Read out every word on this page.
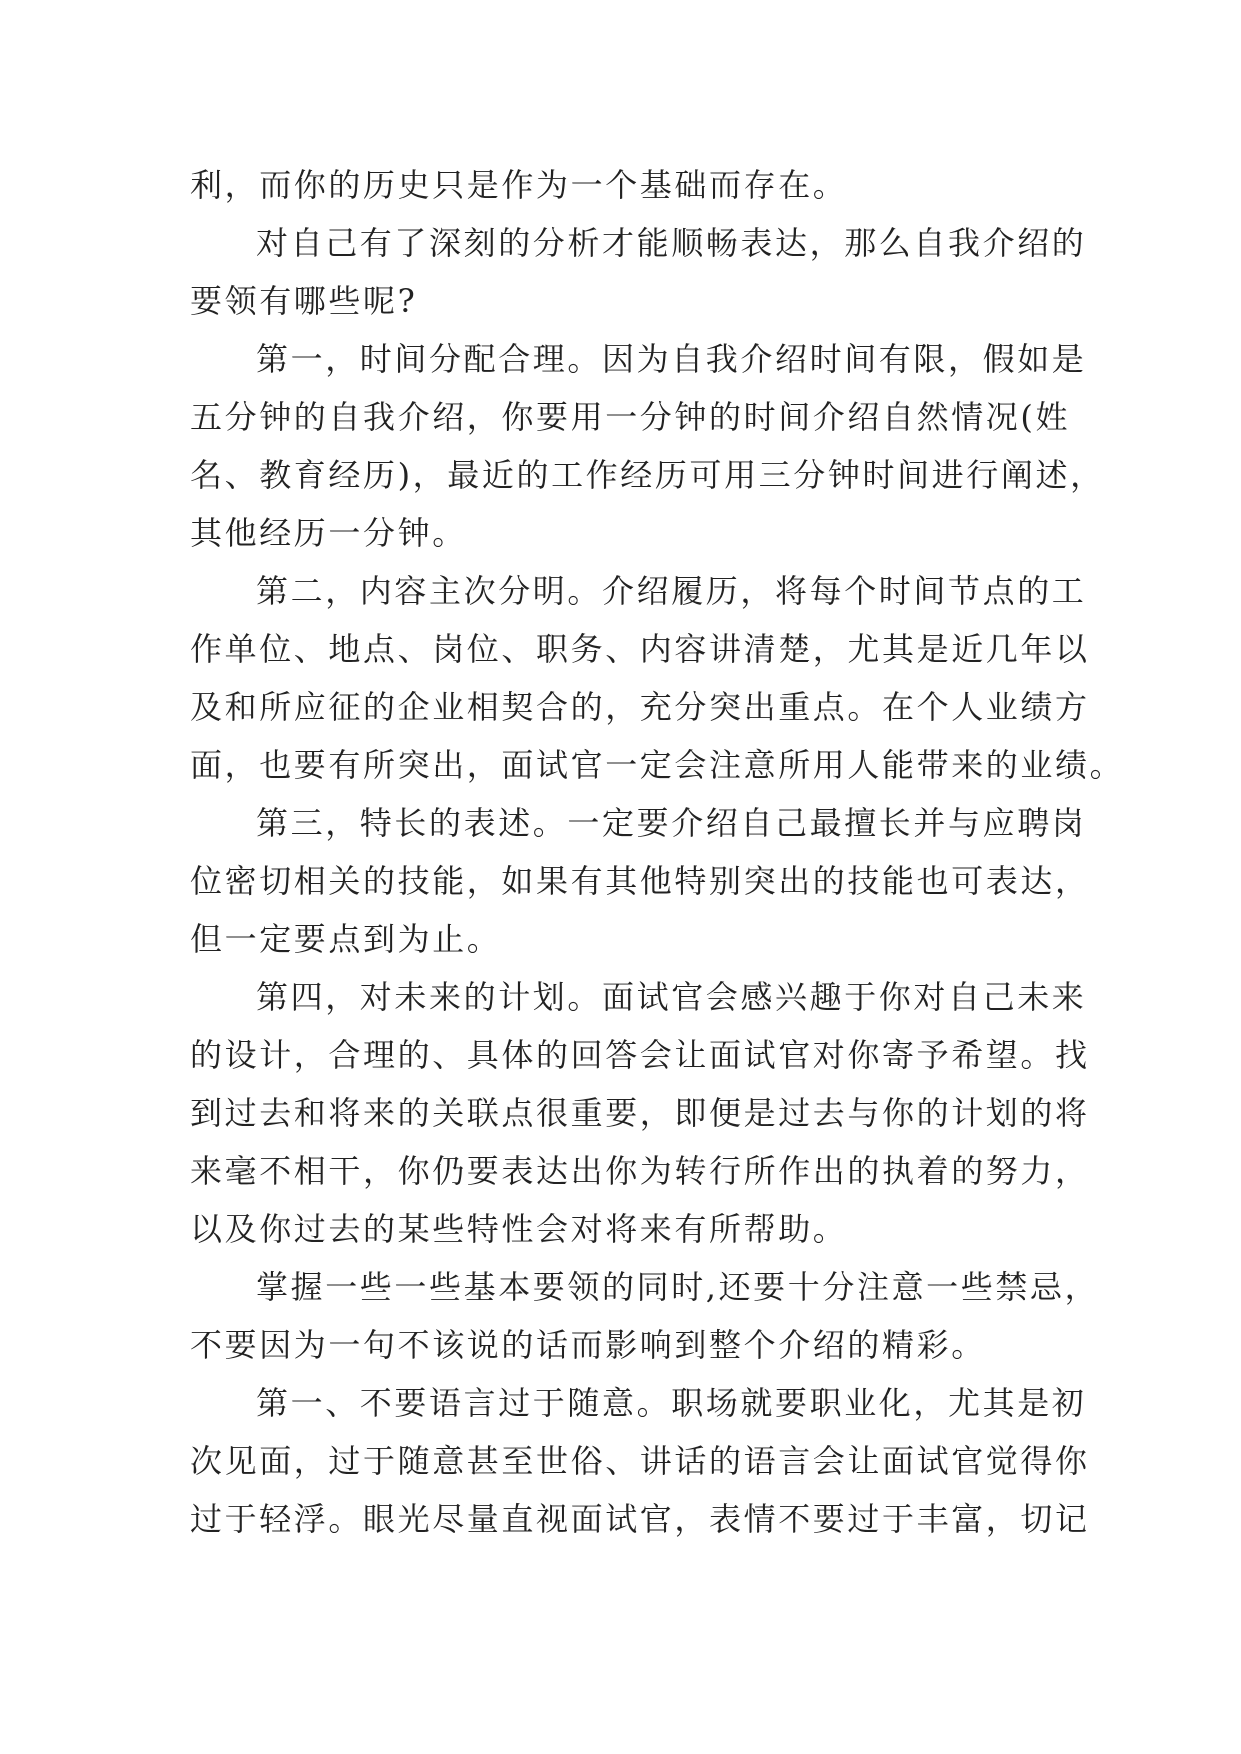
利，而你的历史只是作为一个基础而存在。
对自己有了深刻的分析才能顺畅表达，那么自我介绍的
要领有哪些呢?
第一，时间分配合理。因为自我介绍时间有限，假如是
五分钟的自我介绍，你要用一分钟的时间介绍自然情况(姓
名、教育经历)，最近的工作经历可用三分钟时间进行阐述，
其他经历一分钟。
第二，内容主次分明。介绍履历，将每个时间节点的工
作单位、地点、岗位、职务、内容讲清楚，尤其是近几年以
及和所应征的企业相契合的，充分突出重点。在个人业绩方
面，也要有所突出，面试官一定会注意所用人能带来的业绩。
第三，特长的表述。一定要介绍自己最擅长并与应聘岗
位密切相关的技能，如果有其他特别突出的技能也可表达，
但一定要点到为止。
第四，对未来的计划。面试官会感兴趣于你对自己未来
的设计，合理的、具体的回答会让面试官对你寄予希望。找
到过去和将来的关联点很重要，即便是过去与你的计划的将
来毫不相干，你仍要表达出你为转行所作出的执着的努力，
以及你过去的某些特性会对将来有所帮助。
掌握一些一些基本要领的同时,还要十分注意一些禁忌，
不要因为一句不该说的话而影响到整个介绍的精彩。
第一、不要语言过于随意。职场就要职业化，尤其是初
次见面，过于随意甚至世俗、讲话的语言会让面试官觉得你
过于轻浮。眼光尽量直视面试官，表情不要过于丰富，切记
